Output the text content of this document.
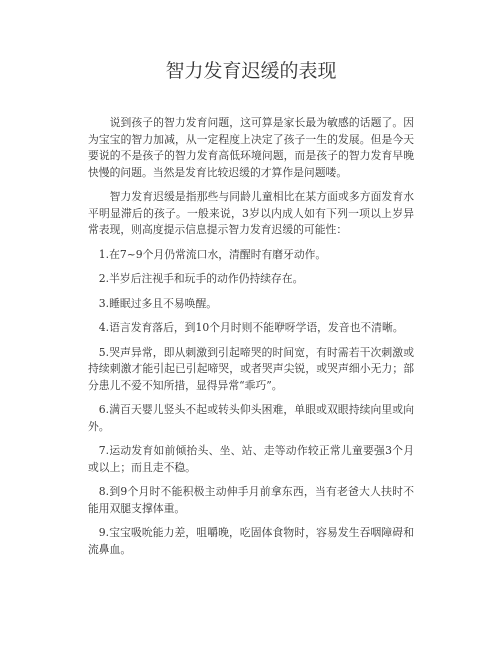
智力发育迟缓的表现

说到孩子的智力发育问题，这可算是家长最为敏感的话题了。因为宝宝的智力加减，从一定程度上决定了孩子一生的发展。但是今天要说的不是孩子的智力发育高低环境问题，而是孩子的智力发育早晚快慢的问题。当然是发育比较迟缓的才算作是问题喽。

智力发育迟缓是指那些与同龄儿童相比在某方面或多方面发育水平明显滞后的孩子。一般来说，3岁以内成人如有下列一项以上岁异常表现，则高度提示信息提示智力发育迟缓的可能性：

1.在7~9个月仍常流口水，清醒时有磨牙动作。
2.半岁后注视手和玩手的动作仍持续存在。
3.睡眠过多且不易唤醒。
4.语言发育落后，到10个月时则不能咿呀学语，发音也不清晰。
5.哭声异常，即从刺激到引起啼哭的时间宽，有时需若干次刺激或持续刺激才能引起已引起啼哭，或者哭声尖锐，或哭声细小无力；部分患儿不爱不知所措，显得异常“乖巧”。
6.满百天婴儿竖头不起或转头仰头困难，单眼或双眼持续向里或向外。
7.运动发育如前倾抬头、坐、站、走等动作较正常儿童要强3个月或以上；而且走不稳。
8.到9个月时不能积极主动伸手月前拿东西，当有老爸大人扶时不能用双腿支撑体重。
9.宝宝吸吮能力差，咀嚼晚，吃固体食物时，容易发生吞咽障碍和流鼻血。
